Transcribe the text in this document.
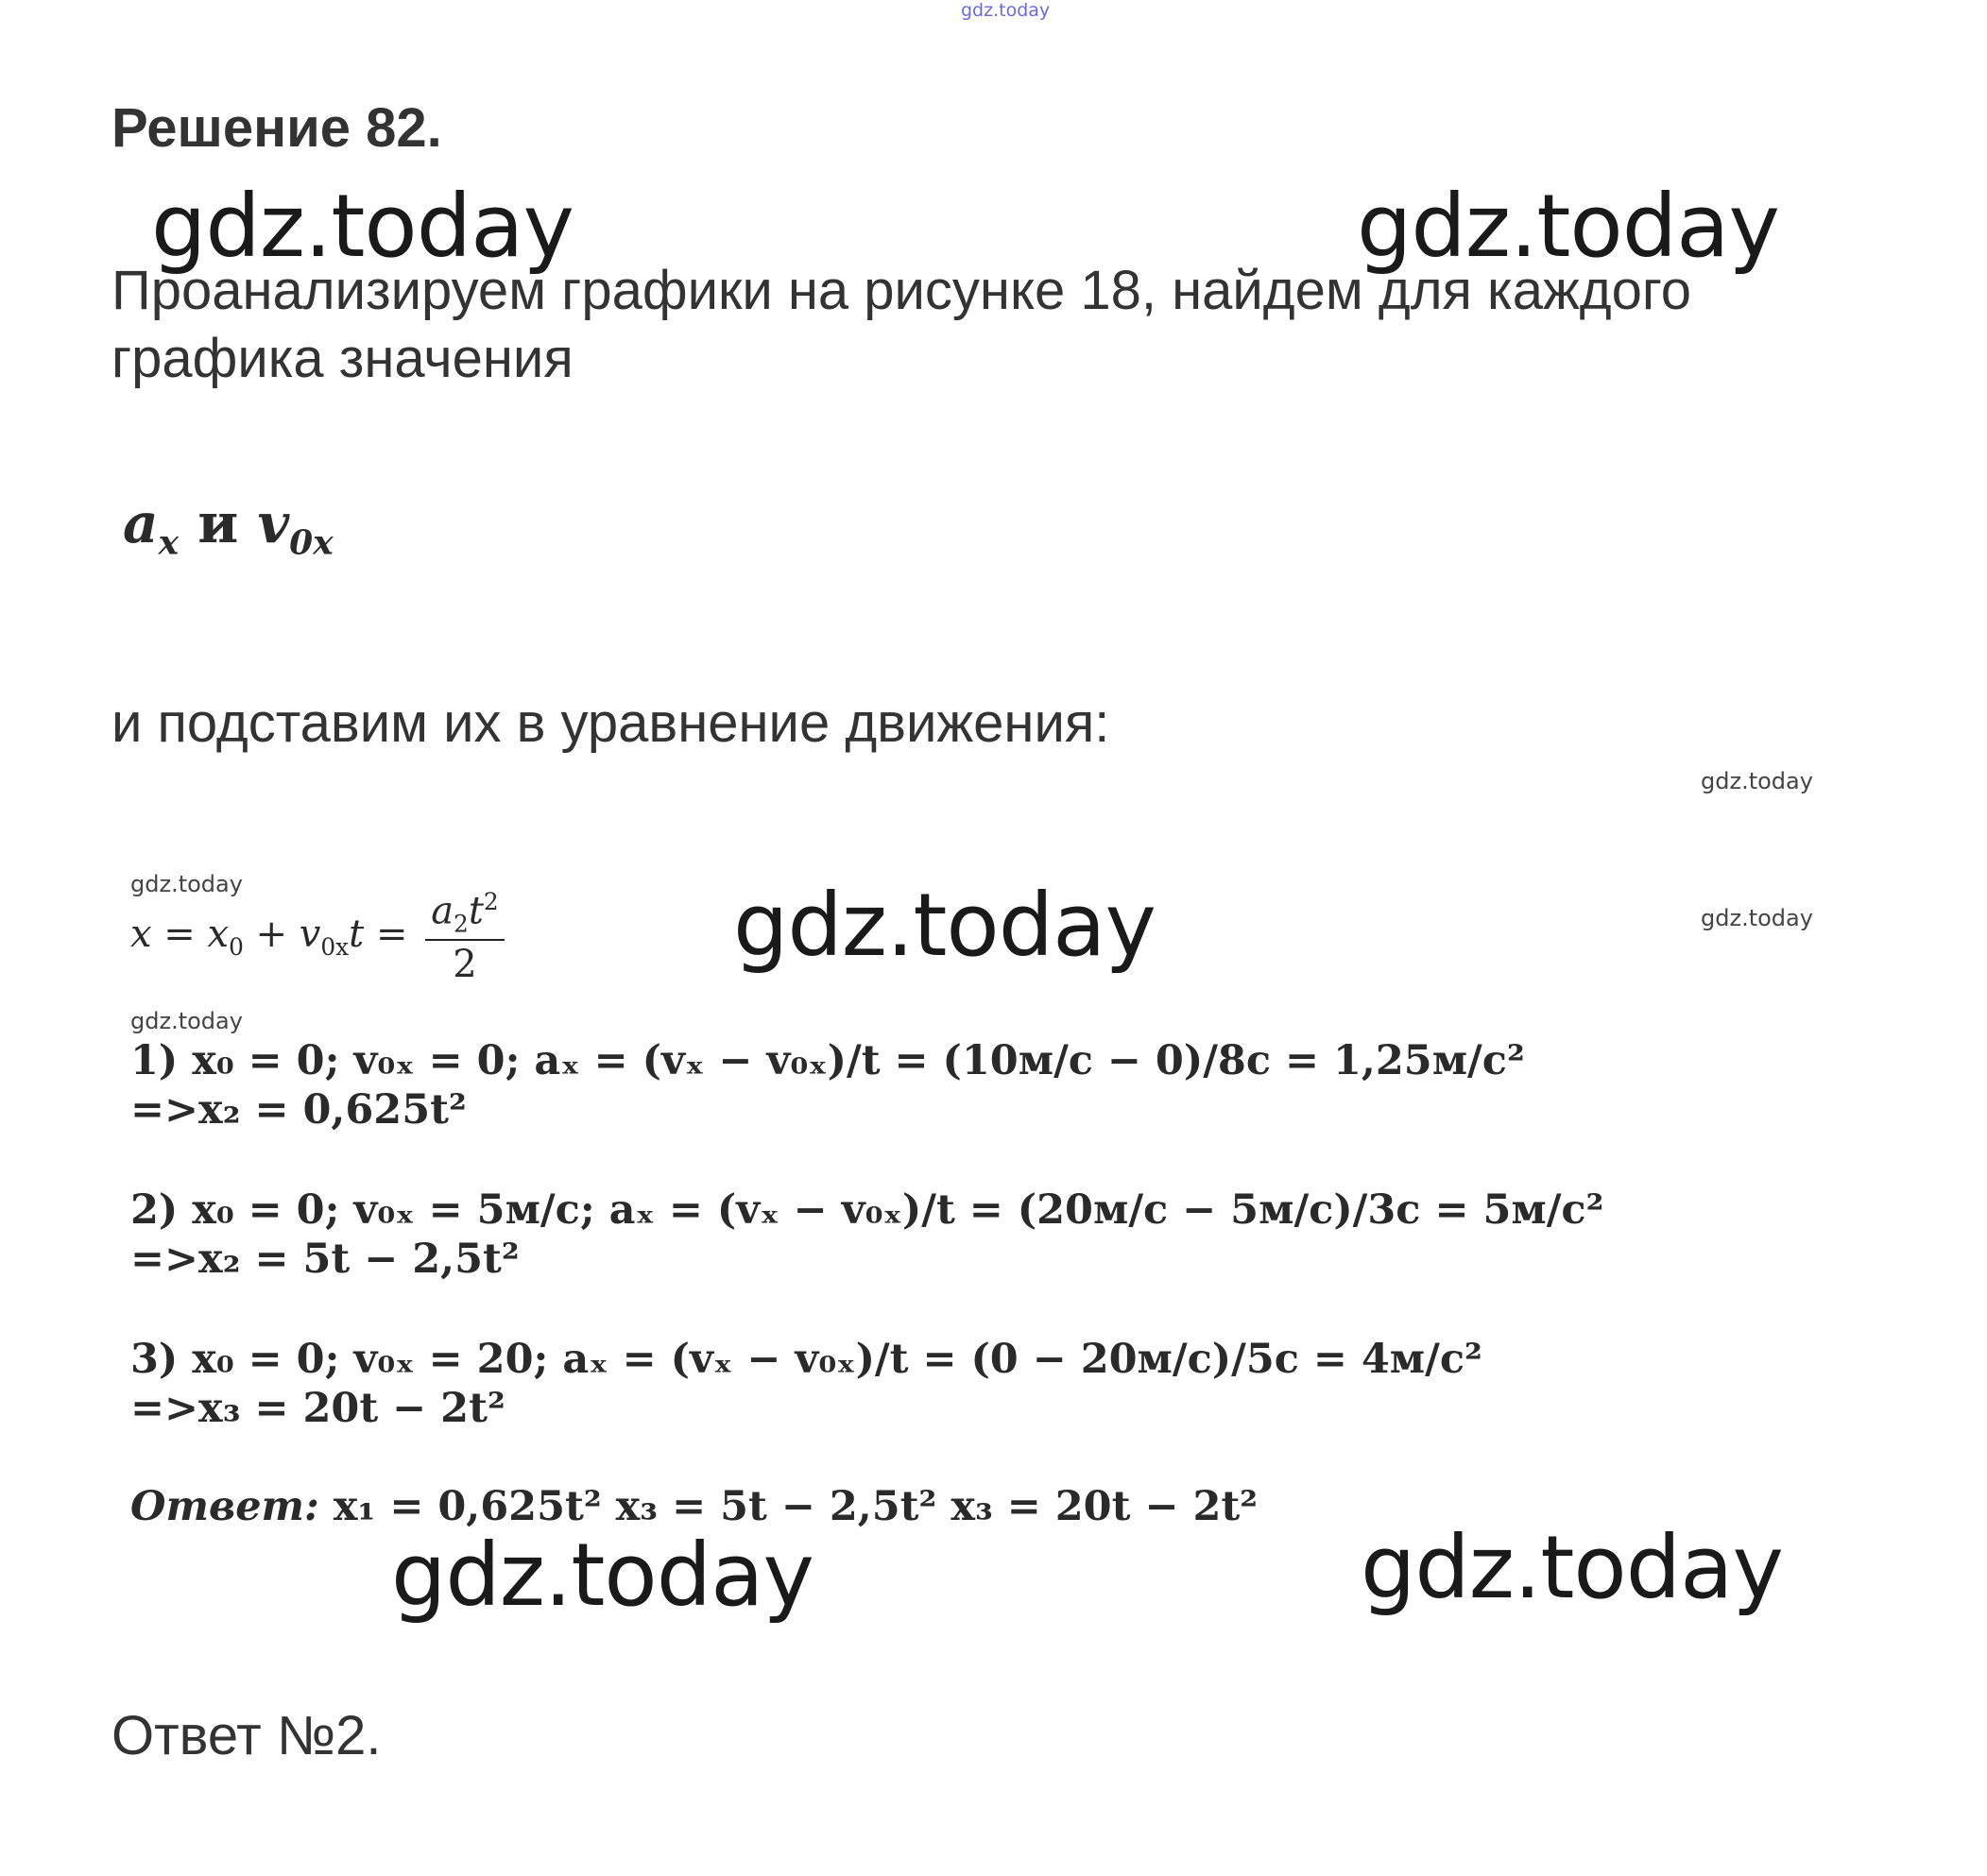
gdz.today
gdz.today	gdz.today
gdz.today
gdz.today	gdz.today
gdz.today
gdz.today
gdz.today
gdz.today
Решение 82.
Проанализируем графики на рисунке 18, найдем для каждого
графика значения
$a_x$ и $v_{0x}$
и подставим их в уравнение движения:
$x = x_0 + v_{0x}t = \frac{a_2t^2}{2}$
1) x₀ = 0; v₀ₓ = 0; aₓ = (vₓ − v₀ₓ)/t = (10м/с − 0)/8с = 1,25м/с²
=>x₂ = 0,625t²
2) x₀ = 0; v₀ₓ = 5м/с; aₓ = (vₓ − v₀ₓ)/t = (20м/с − 5м/с)/3с = 5м/с²
=>x₂ = 5t − 2,5t²
3) x₀ = 0; v₀ₓ = 20; aₓ = (vₓ − v₀ₓ)/t = (0 − 20м/с)/5с = 4м/с²
=>x₃ = 20t − 2t²
Ответ: x₁ = 0,625t² x₃ = 5t − 2,5t² x₃ = 20t − 2t²
Ответ №2.
